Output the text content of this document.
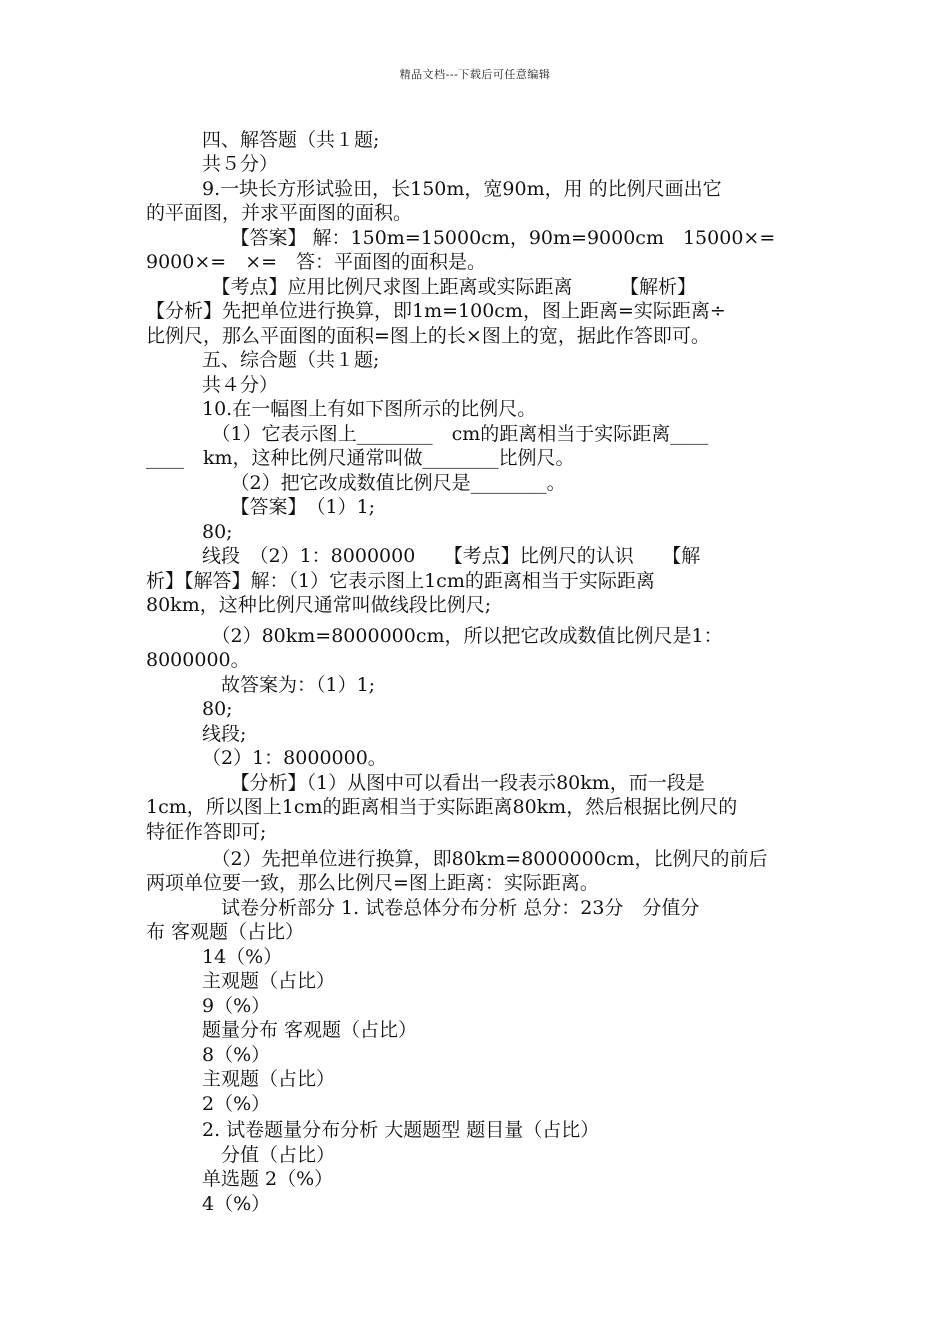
精品文档---下载后可任意编辑
四、解答题（共１题;
共５分）
9.一块长方形试验田，长150m，宽90m，用 的比例尺画出它
的平面图，并求平面图的面积。
　　【答案】 解：150m=15000cm，90m=9000cm　15000×=
9000×=　×=　答：平面图的面积是。
　【考点】应用比例尺求图上距离或实际距离　　　【解析】
【分析】先把单位进行换算，即1m=100cm，图上距离=实际距离÷
比例尺，那么平面图的面积=图上的长×图上的宽，据此作答即可。
五、综合题（共１题;
共４分）
10.在一幅图上有如下图所示的比例尺。
　（1）它表示图上________　cm的距离相当于实际距离____
____　km，这种比例尺通常叫做________比例尺。
　　（2）把它改成数值比例尺是________。
　　【答案】　（1）1;
80;
线段　（2）1：8000000　　【考点】比例尺的认识　　【解
析】【解答】解：（1）它表示图上1cm的距离相当于实际距离
80km，这种比例尺通常叫做线段比例尺;
　（2）80km=8000000cm，所以把它改成数值比例尺是1：
8000000。
　故答案为：（1）1;
80;
线段;
（2）1：8000000。
　　【分析】（1）从图中可以看出一段表示80km，而一段是
1cm，所以图上1cm的距离相当于实际距离80km，然后根据比例尺的
特征作答即可;
　（2）先把单位进行换算，即80km=8000000cm，比例尺的前后
两项单位要一致，那么比例尺=图上距离：实际距离。
　试卷分析部分 1. 试卷总体分布分析 总分：23分　分值分
布 客观题（占比）
14（%）
主观题（占比）
9（%）
题量分布 客观题（占比）
8（%）
主观题（占比）
2（%）
2. 试卷题量分布分析 大题题型 题目量（占比）
　分值（占比）
单选题 2（%）
4（%）
